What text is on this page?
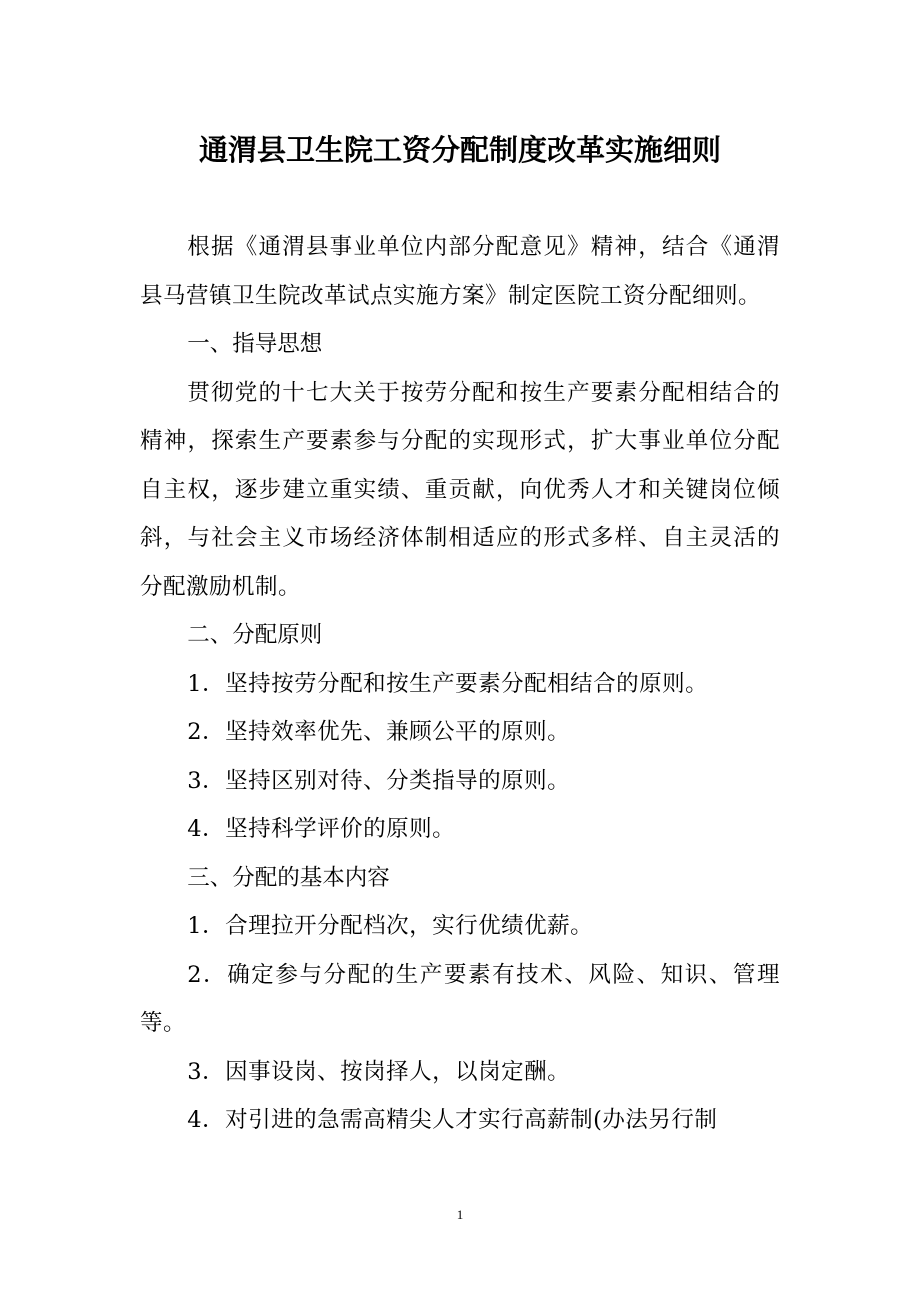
通渭县卫生院工资分配制度改革实施细则

根据《通渭县事业单位内部分配意见》精神，结合《通渭县马营镇卫生院改革试点实施方案》制定医院工资分配细则。

一、指导思想

贯彻党的十七大关于按劳分配和按生产要素分配相结合的精神，探索生产要素参与分配的实现形式，扩大事业单位分配自主权，逐步建立重实绩、重贡献，向优秀人才和关键岗位倾斜，与社会主义市场经济体制相适应的形式多样、自主灵活的分配激励机制。

二、分配原则

1．坚持按劳分配和按生产要素分配相结合的原则。

2．坚持效率优先、兼顾公平的原则。

3．坚持区别对待、分类指导的原则。

4．坚持科学评价的原则。

三、分配的基本内容

1．合理拉开分配档次，实行优绩优薪。

2．确定参与分配的生产要素有技术、风险、知识、管理等。

3．因事设岗、按岗择人，以岗定酬。

4．对引进的急需高精尖人才实行高薪制(办法另行制

1
